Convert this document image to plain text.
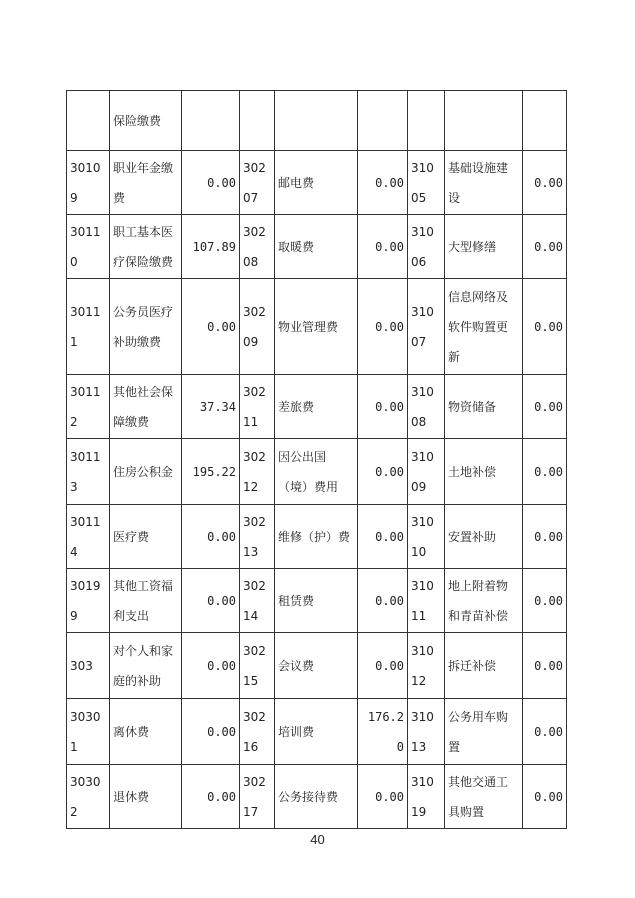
	保险缴费							
30109	职业年金缴费	0.00	30207	邮电费	0.00	31005	基础设施建设	0.00
30110	职工基本医疗保险缴费	107.89	30208	取暖费	0.00	31006	大型修缮	0.00
30111	公务员医疗补助缴费	0.00	30209	物业管理费	0.00	31007	信息网络及软件购置更新	0.00
30112	其他社会保障缴费	37.34	30211	差旅费	0.00	31008	物资储备	0.00
30113	住房公积金	195.22	30212	因公出国（境）费用	0.00	31009	土地补偿	0.00
30114	医疗费	0.00	30213	维修（护）费	0.00	31010	安置补助	0.00
30199	其他工资福利支出	0.00	30214	租赁费	0.00	31011	地上附着物和青苗补偿	0.00
303	对个人和家庭的补助	0.00	30215	会议费	0.00	31012	拆迁补偿	0.00
30301	离休费	0.00	30216	培训费	176.20	31013	公务用车购置	0.00
30302	退休费	0.00	30217	公务接待费	0.00	31019	其他交通工具购置	0.00
40
